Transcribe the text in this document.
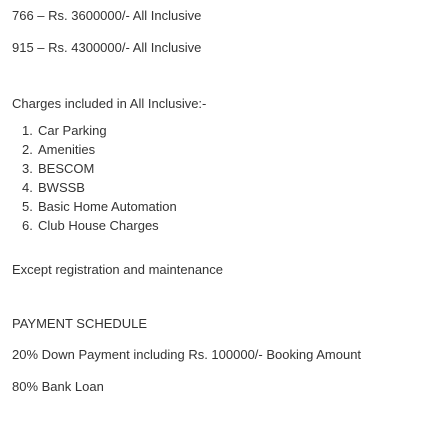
766 – Rs. 3600000/- All Inclusive
915 – Rs. 4300000/- All Inclusive
Charges included in All Inclusive:-
1. Car Parking
2. Amenities
3. BESCOM
4. BWSSB
5. Basic Home Automation
6. Club House Charges
Except registration and maintenance
PAYMENT SCHEDULE
20% Down Payment including Rs. 100000/- Booking Amount
80% Bank Loan
